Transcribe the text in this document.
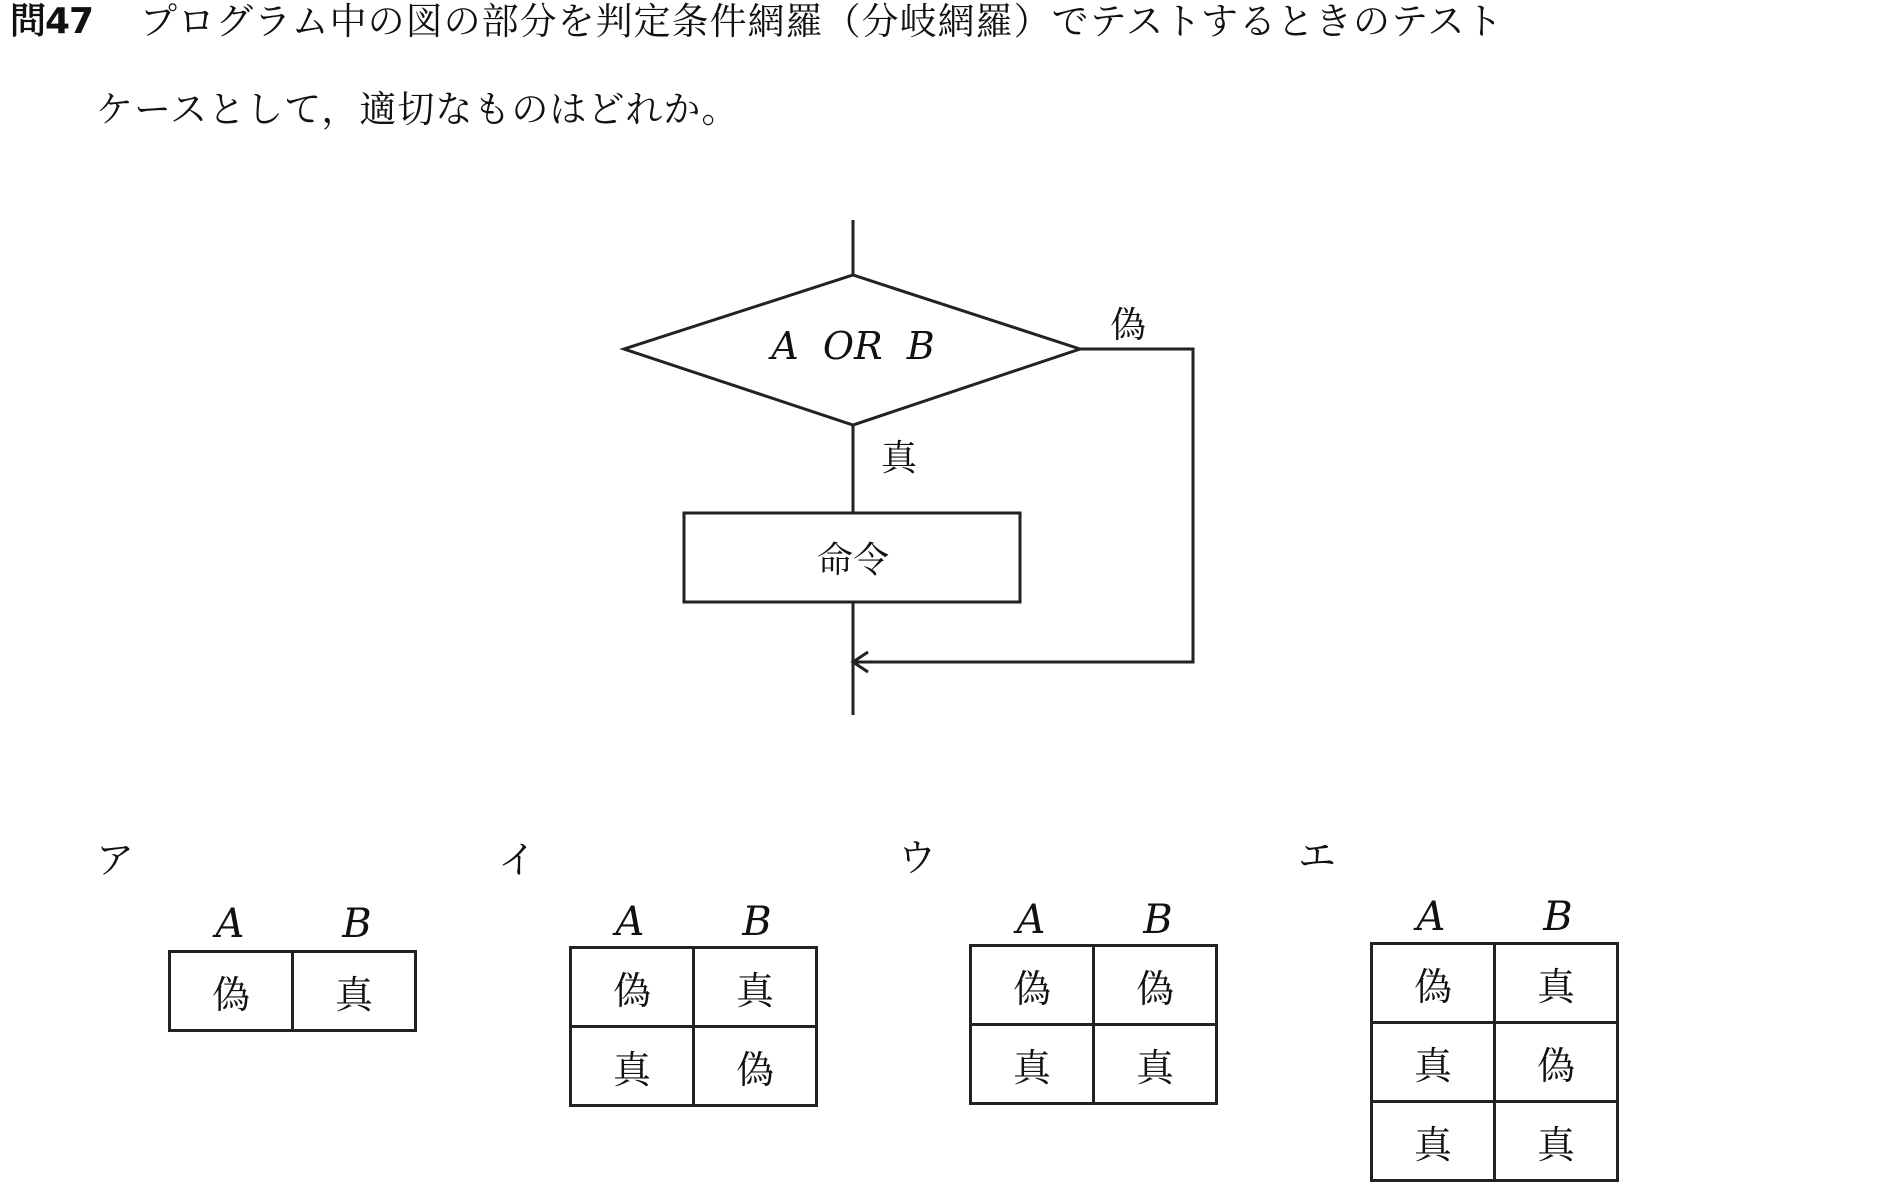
問47 プログラム中の図の部分を判定条件網羅（分岐網羅）でテストするときのテスト
ケースとして，適切なものはどれか。
A  OR  B	偽
真
命令
ア
A	B
偽	真
イ
A	B
偽	真
真	偽
ウ
A	B
偽	偽
真	真
エ
A	B
偽	真
真	偽
真	真
